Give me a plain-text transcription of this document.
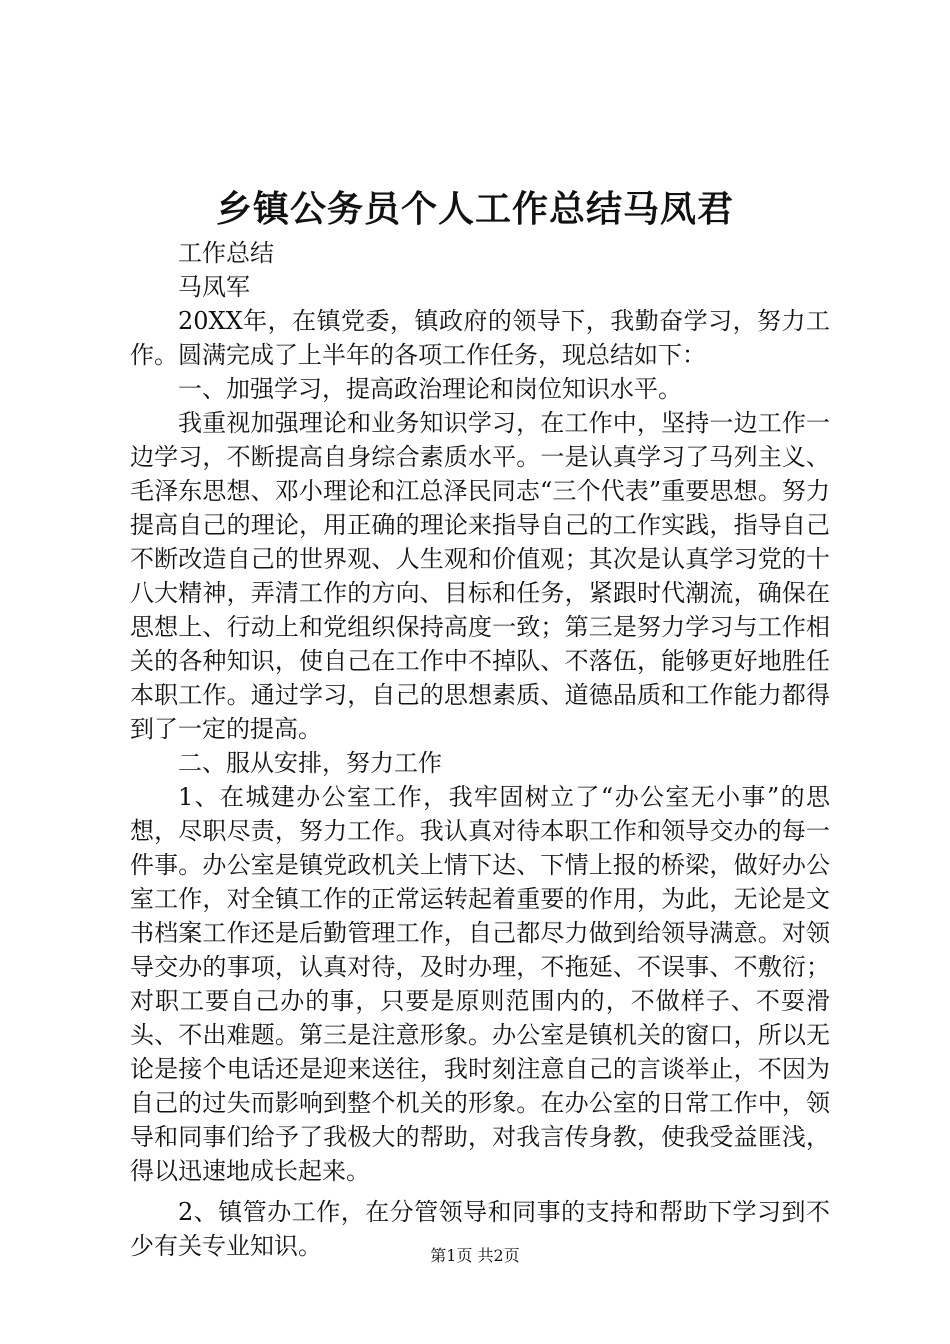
乡镇公务员个人工作总结马凤君

工作总结

马凤军

20XX年，在镇党委，镇政府的领导下，我勤奋学习，努力工作。圆满完成了上半年的各项工作任务，现总结如下：

一、加强学习，提高政治理论和岗位知识水平。

我重视加强理论和业务知识学习，在工作中，坚持一边工作一边学习，不断提高自身综合素质水平。一是认真学习了马列主义、毛泽东思想、邓小理论和江总泽民同志“三个代表”重要思想。努力提高自己的理论，用正确的理论来指导自己的工作实践，指导自己不断改造自己的世界观、人生观和价值观；其次是认真学习党的十八大精神，弄清工作的方向、目标和任务，紧跟时代潮流，确保在思想上、行动上和党组织保持高度一致；第三是努力学习与工作相关的各种知识，使自己在工作中不掉队、不落伍，能够更好地胜任本职工作。通过学习，自己的思想素质、道德品质和工作能力都得到了一定的提高。

二、服从安排，努力工作

1、在城建办公室工作，我牢固树立了“办公室无小事”的思想，尽职尽责，努力工作。我认真对待本职工作和领导交办的每一件事。办公室是镇党政机关上情下达、下情上报的桥梁，做好办公室工作，对全镇工作的正常运转起着重要的作用，为此，无论是文书档案工作还是后勤管理工作，自己都尽力做到给领导满意。对领导交办的事项，认真对待，及时办理，不拖延、不误事、不敷衍；对职工要自己办的事，只要是原则范围内的，不做样子、不耍滑头、不出难题。第三是注意形象。办公室是镇机关的窗口，所以无论是接个电话还是迎来送往，我时刻注意自己的言谈举止，不因为自己的过失而影响到整个机关的形象。在办公室的日常工作中，领导和同事们给予了我极大的帮助，对我言传身教，使我受益匪浅，得以迅速地成长起来。

2、镇管办工作，在分管领导和同事的支持和帮助下学习到不少有关专业知识。	第1页 共2页
